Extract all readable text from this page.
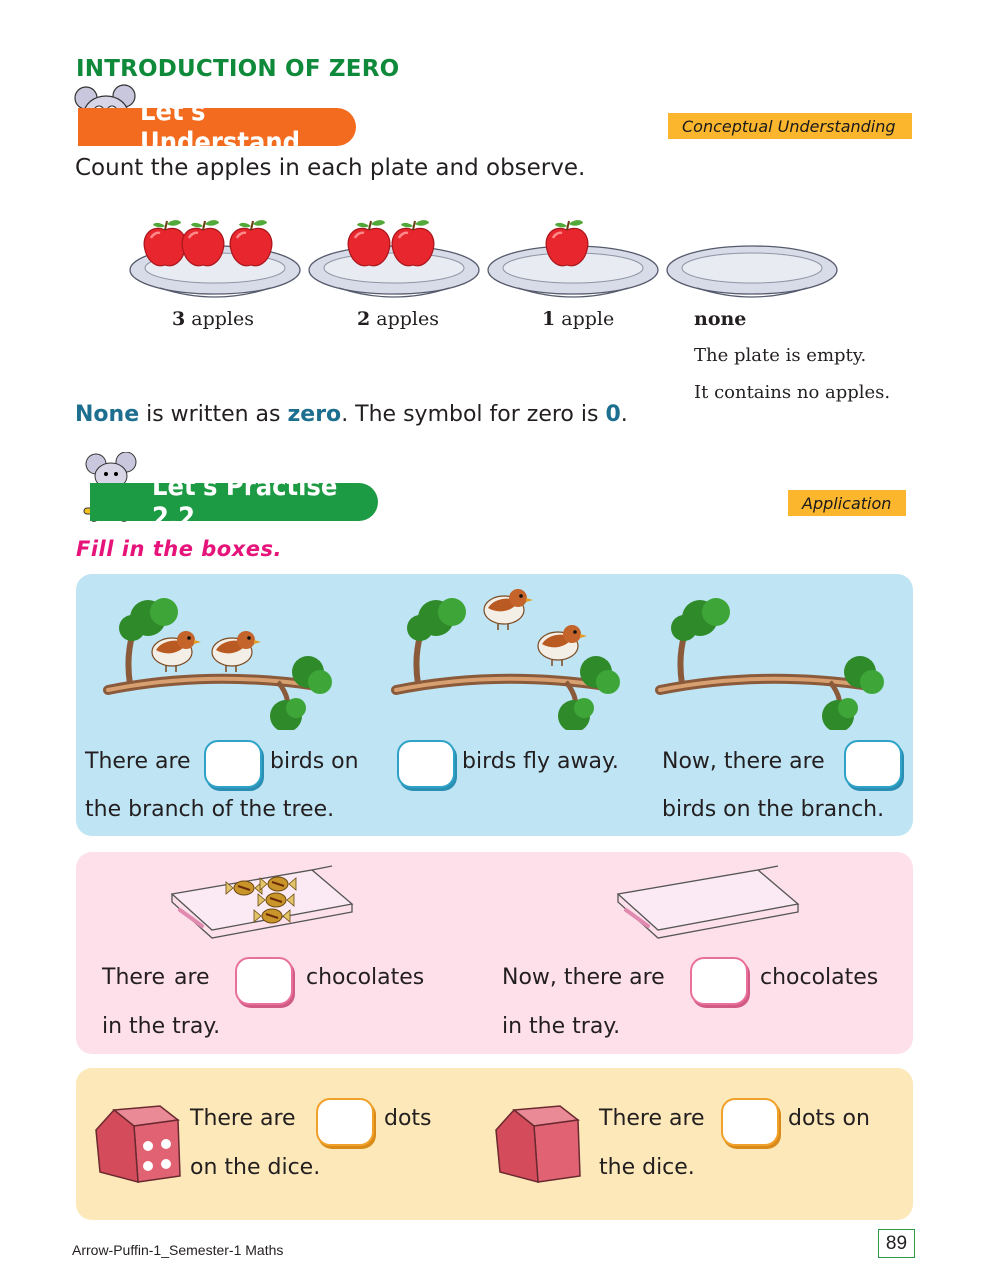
INTRODUCTION OF ZERO
Let's Understand
Conceptual Understanding
Count the apples in each plate and observe.
3 apples	2 apples	1 apple	none
The plate is empty.
It contains no apples.
None is written as zero. The symbol for zero is 0.
Let's Practise 2.2	Application
Fill in the boxes.
There are	birds on
the branch of the tree.
birds fly away. Now, there are
birds on the branch.
There are	chocolates
in the tray.
Now, there are	chocolates
in the tray.
There are	dots
on the dice.
There are	dots on
the dice.
Arrow-Puffin-1_Semester-1 Maths	89
